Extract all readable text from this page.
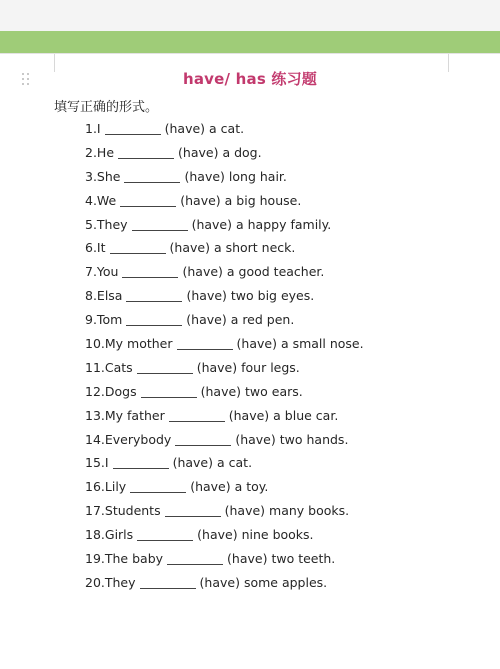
have/ has 练习题
填写正确的形式。
1.I	(have) a cat.
2.He	(have) a dog.
3.She	(have) long hair.
4.We	(have) a big house.
5.They	(have) a happy family.
6.It	(have) a short neck.
7.You	(have) a good teacher.
8.Elsa	(have) two big eyes.
9.Tom	(have) a red pen.
10.My mother	(have) a small nose.
11.Cats	(have) four legs.
12.Dogs	(have) two ears.
13.My father	(have) a blue car.
14.Everybody	(have) two hands.
15.I	(have) a cat.
16.Lily	(have) a toy.
17.Students	(have) many books.
18.Girls	(have) nine books.
19.The baby	(have) two teeth.
20.They	(have) some apples.
